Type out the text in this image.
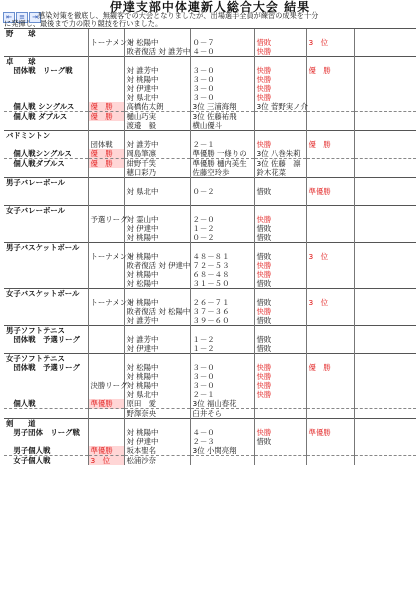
伊達支部中体連新人総合大会 結果
⇤	≡	⇥ 感染対策を徹底し、無観客での大会となりましたが、出場選手全員が練習の成果を十分
に発揮し、最後まで力の限り競技を行いました。
野　　球						
	トーナメント	対 松陽中	０－７	惜敗	3　位	
		敗者復活 対 誰芳中	４－０	快勝		
卓　　球						
　団体戦　リーグ戦		対 誰芳中	３－０	快勝	優　勝	
		対 桃陽中	３－０	快勝		
		対 伊達中	３－０	快勝		
		対 県北中	３－０	快勝		
　個人戦 シングルス	優　勝	高橋佑太朗	3位 三浦海翔	3位 菅野実ノ介		
　個人戦 ダブルス	優　勝	樋山巧実	3位 佐藤祐飛			
		渡邉　毅	横山優斗			
バドミントン						
	団体戦	対 誰芳中	２－１	快勝	優　勝	
　個人戦シングルス	優　勝	岡島筆凛	準優勝 一條りの	3位 八巻朱莉		
　個人戦ダブルス	優　勝	紺野千笑	準優勝 樋内美生	3位 佐藤　凛		
		穂口彩乃	佐藤空玲歩	鈴木花菜		
男子バレーボール						
		対 県北中	０－２	惜敗	準優勝	

女子バレーボール						
	予選リーグ	対 霊山中	２－０	快勝		
		対 伊達中	１－２	惜敗		
		対 桃陽中	０－２	惜敗		
男子バスケットボール						
	トーナメント	対 桃陽中	４８－８１	惜敗	3　位	
		敗者復活 対 伊達中	７２－５３	快勝		
		対 桃陽中	６８－４８	快勝		
		対 松陽中	３１－５０	惜敗		
女子バスケットボール						
	トーナメント	対 桃陽中	２６－７１	惜敗	3　位	
		敗者復活 対 松陽中	３７－３６	快勝		
		対 誰芳中	３９－６０	惜敗		
男子ソフトテニス						
　団体戦　予選リーグ		対 誰芳中	１－２	惜敗		
		対 伊達中	１－２	惜敗		
女子ソフトテニス						
　団体戦　予選リーグ		対 松陽中	３－０	快勝	優　勝	
		対 桃陽中	３－０	快勝		
	決勝リーグ	対 桃陽中	３－０	快勝		
		対 県北中	２－１	快勝		
　個人戦	準優勝	原田　愛	3位 福山春花			
		野澤奈央	臼井そら			
剣　　道						
　男子団体　リーグ戦		対 桃陽中	４－０	快勝	準優勝	
		対 伊達中	２－３	惜敗		
　男子個人戦	準優勝	坂本聖名	3位 小関亮翔			
　女子個人戦	3　位	松浦沙奈				
